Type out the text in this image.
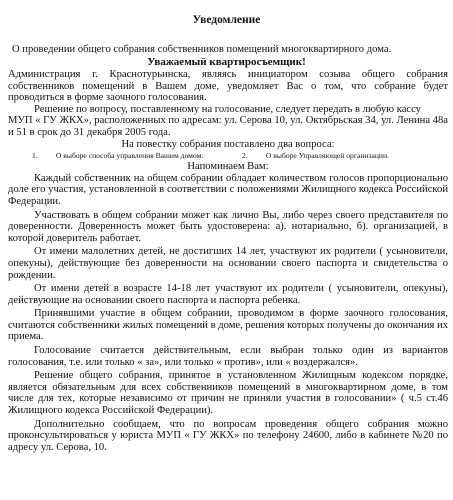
Уведомление
О проведении общего собрания собственников помещений многоквартирного дома.
Уважаемый квартиросъемщик!

Администрация г. Краснотурьинска, являясь инициатором созыва общего собрания собственников помещений в Вашем доме, уведомляет Вас о том, что собрание будет проводиться в форме заочного голосования.

Решение по вопросу, поставленному на голосование, следует передать в любую кассу

МУП « ГУ ЖКХ», расположенных по адресам: ул. Серова 10, ул. Октябрьская 34, ул. Ленина 48а и 51 в срок до 31 декабря 2005 года.

На повестку собрания поставлено два вопроса:

1. О выборе способа управления Вашим домом.	2. О выборе Управляющей организации.

Напоминаем Вам:

Каждый собственник на общем собрании обладает количеством голосов пропорционально доле его участия, установленной в соответствии с положениями Жилищного кодекса Российской Федерации.

Участвовать в общем собрании может как лично Вы, либо через своего представителя по доверенности. Доверенность может быть удостоверена: а). нотариально, б). организацией, в которой доверитель работает.

От имени малолетних детей, не достигших 14 лет, участвуют их родители ( усыновители, опекуны), действующие без доверенности на основании своего паспорта и свидетельства о рождении.

От имени детей в возрасте 14-18 лет участвуют их родители ( усыновители, опекуны), действующие на основании своего паспорта и паспорта ребенка.

Принявшими участие в общем собрании, проводимом в форме заочного голосования, считаются собственники жилых помещений в доме, решения которых получены до окончания их приема.

Голосование считается действительным, если выбран только один из вариантов голосования, т.е. или только « за», или только « против», или « воздержался».

Решение общего собрания, принятое в установленном Жилищным кодексом порядке, является обязательным для всех собственников помещений в многоквартирном доме, в том числе для тех, которые независимо от причин не приняли участия в голосовании» ( ч.5 ст.46 Жилищного кодекса Российской Федерации).

Дополнительно сообщаем, что по вопросам проведения общего собрания можно проконсультироваться у юриста МУП « ГУ ЖКХ» по телефону 24600, либо в кабинете №20 по адресу ул. Серова, 10.
